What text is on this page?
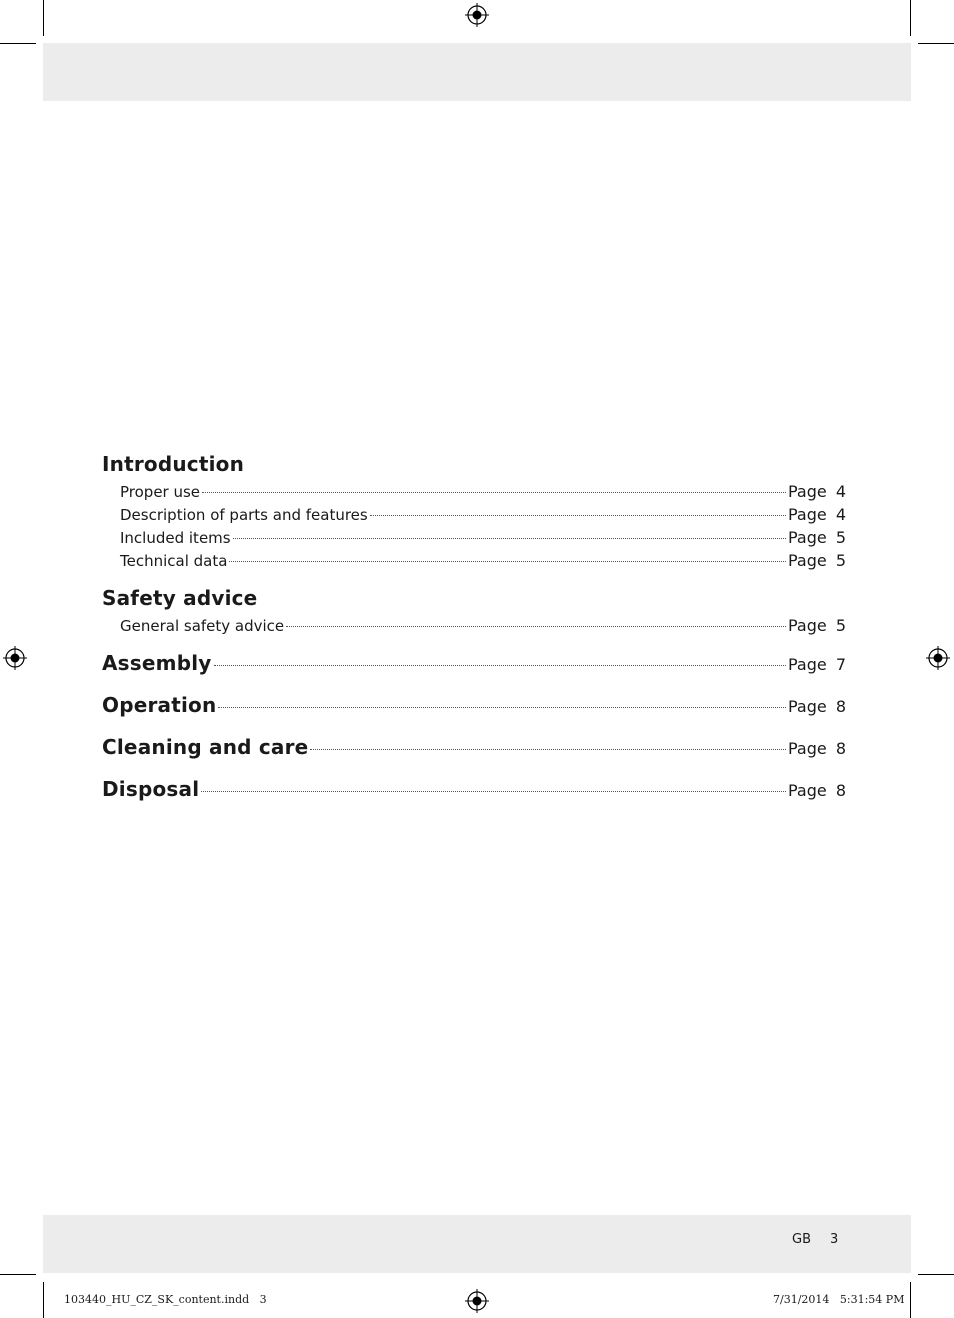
Introduction
Proper use	Page 4
Description of parts and features	Page 4
Included items	Page 5
Technical data	Page 5
Safety advice
General safety advice	Page 5
Assembly	Page 7
Operation	Page 8
Cleaning and care	Page 8
Disposal	Page 8
GB 3
103440_HU_CZ_SK_content.indd   3	7/31/2014   5:31:54 PM
